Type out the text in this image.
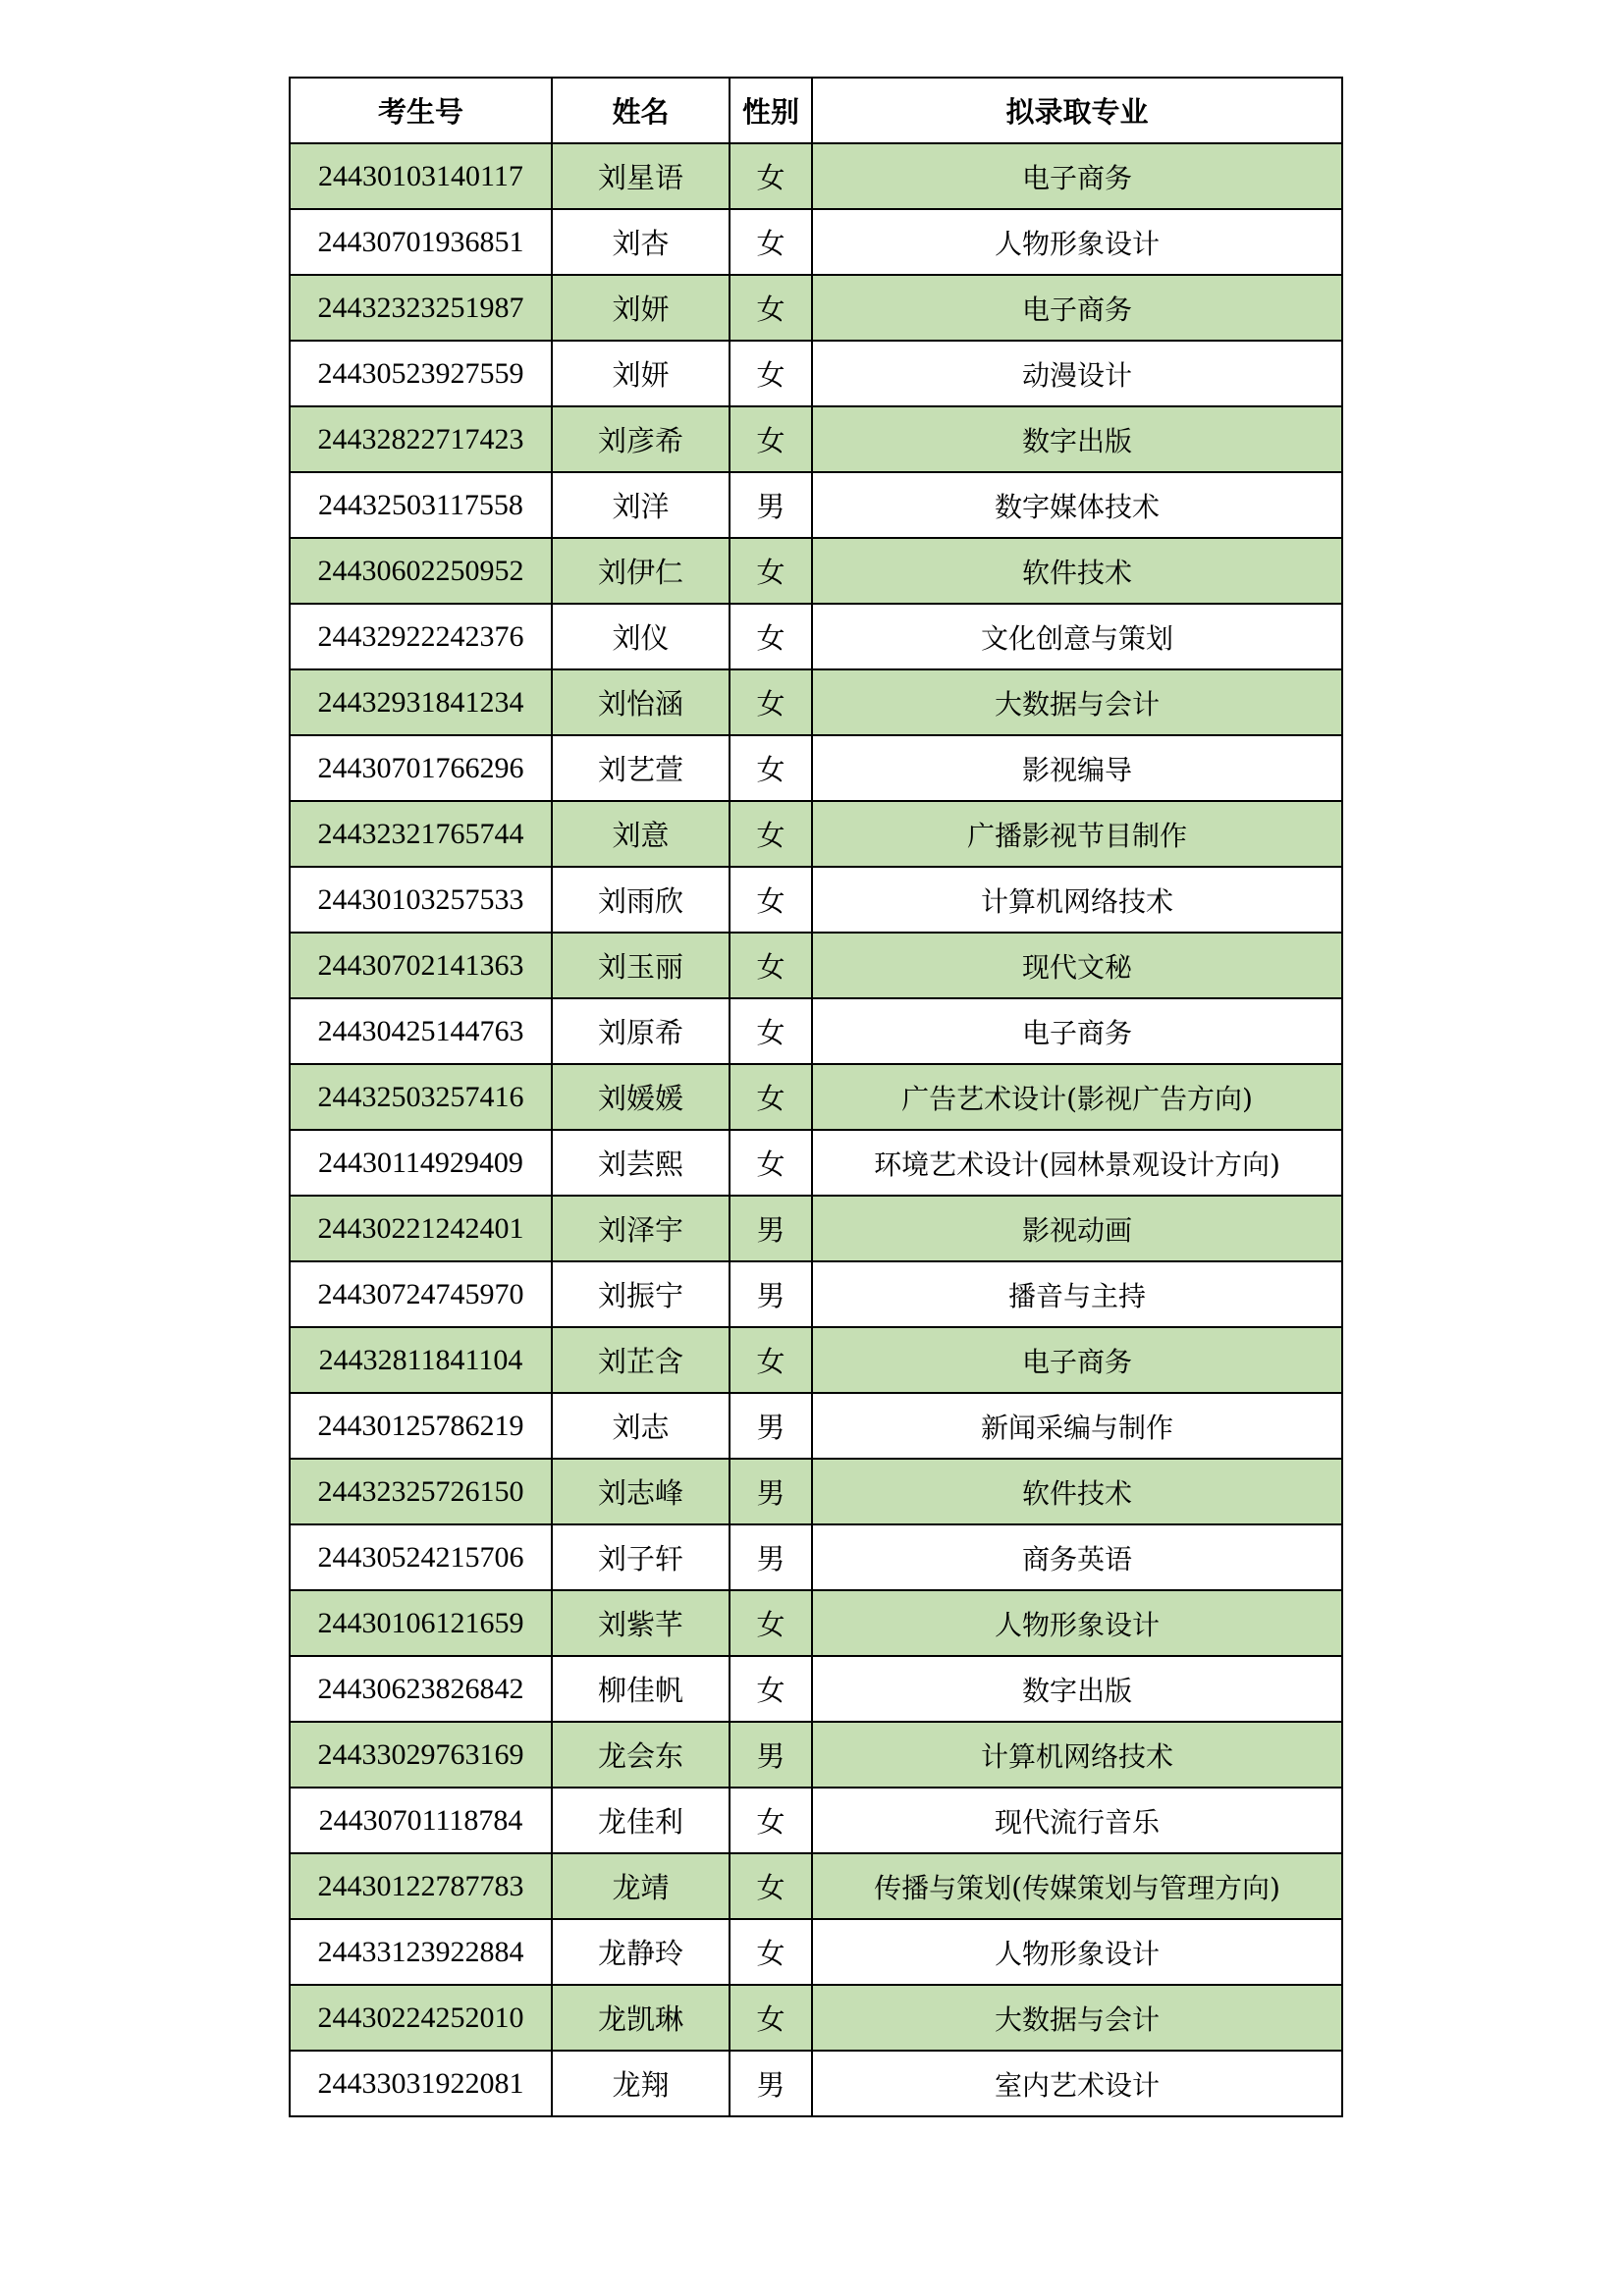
考生号	姓名	性别	拟录取专业
24430103140117	刘星语	女	电子商务
24430701936851	刘杏	女	人物形象设计
24432323251987	刘妍	女	电子商务
24430523927559	刘妍	女	动漫设计
24432822717423	刘彦希	女	数字出版
24432503117558	刘洋	男	数字媒体技术
24430602250952	刘伊仁	女	软件技术
24432922242376	刘仪	女	文化创意与策划
24432931841234	刘怡涵	女	大数据与会计
24430701766296	刘艺萱	女	影视编导
24432321765744	刘意	女	广播影视节目制作
24430103257533	刘雨欣	女	计算机网络技术
24430702141363	刘玉丽	女	现代文秘
24430425144763	刘原希	女	电子商务
24432503257416	刘媛媛	女	广告艺术设计(影视广告方向)
24430114929409	刘芸熙	女	环境艺术设计(园林景观设计方向)
24430221242401	刘泽宇	男	影视动画
24430724745970	刘振宁	男	播音与主持
24432811841104	刘芷含	女	电子商务
24430125786219	刘志	男	新闻采编与制作
24432325726150	刘志峰	男	软件技术
24430524215706	刘子轩	男	商务英语
24430106121659	刘紫芊	女	人物形象设计
24430623826842	柳佳帆	女	数字出版
24433029763169	龙会东	男	计算机网络技术
24430701118784	龙佳利	女	现代流行音乐
24430122787783	龙靖	女	传播与策划(传媒策划与管理方向)
24433123922884	龙静玲	女	人物形象设计
24430224252010	龙凯琳	女	大数据与会计
24433031922081	龙翔	男	室内艺术设计
